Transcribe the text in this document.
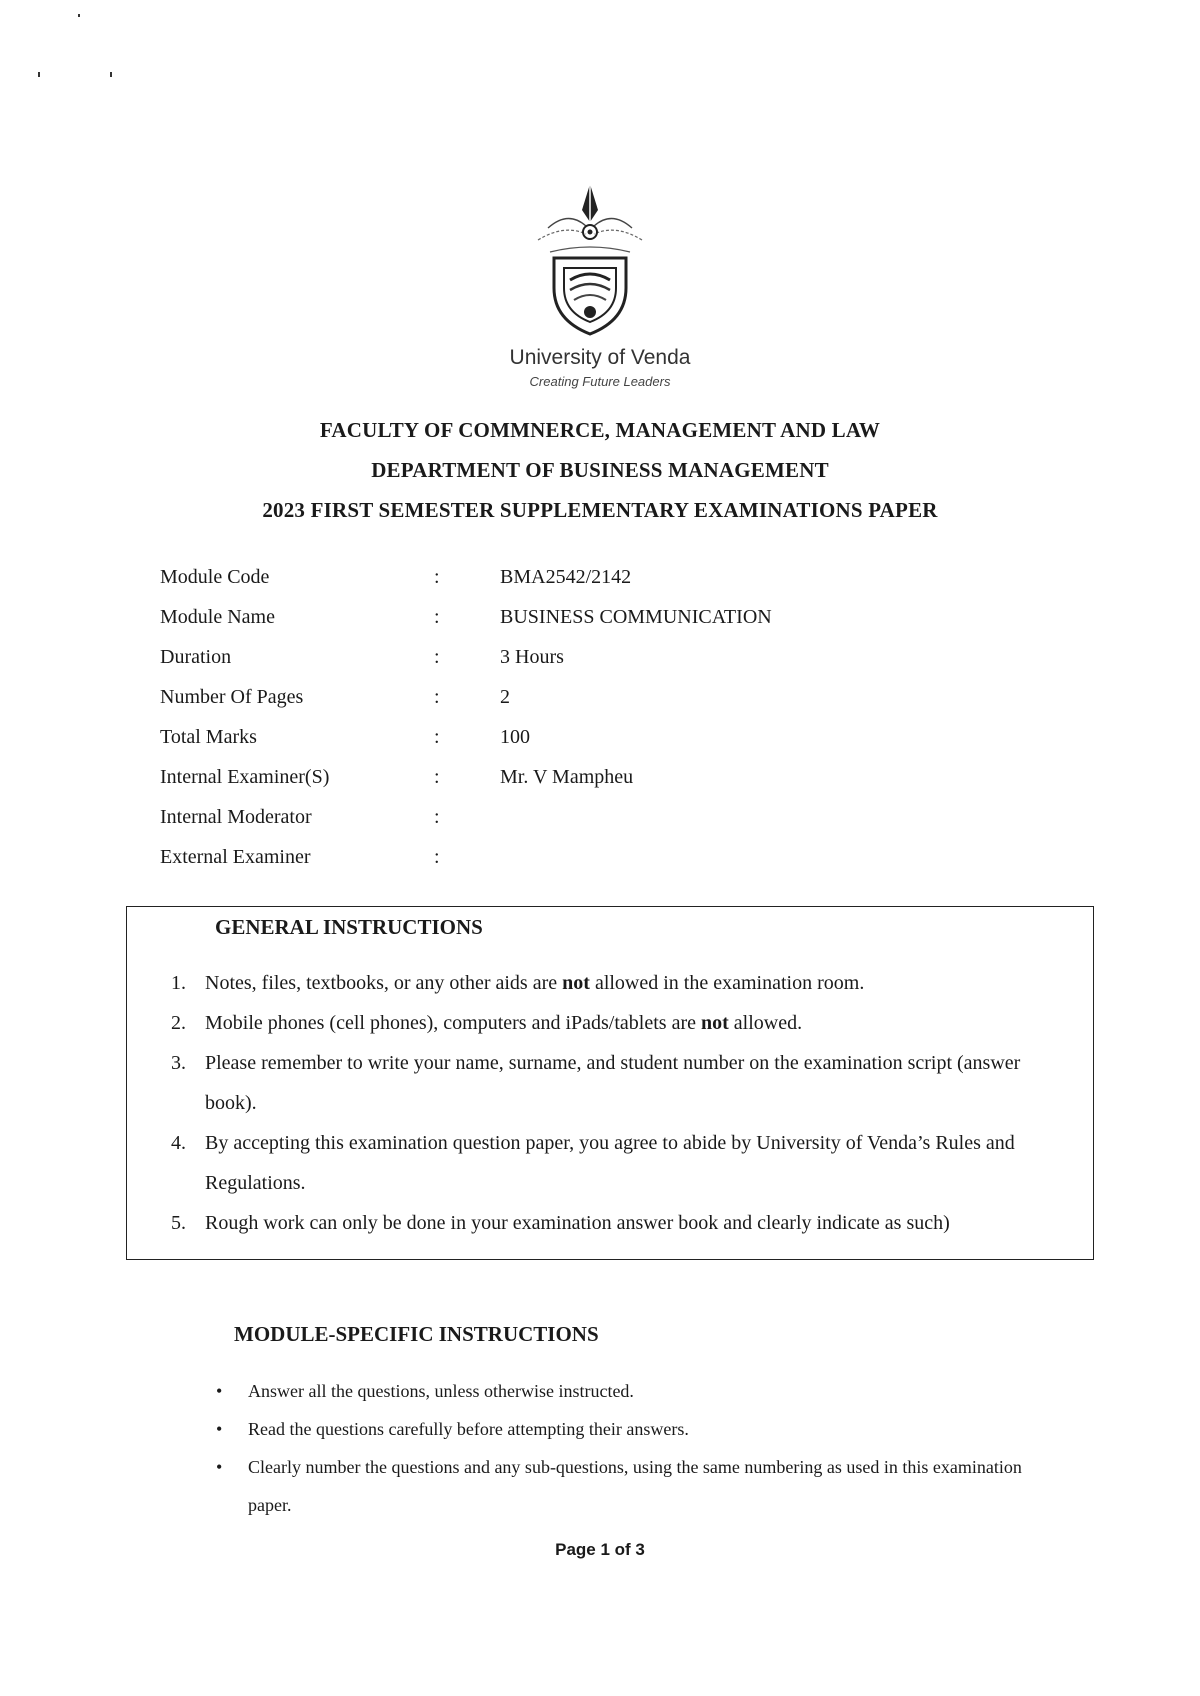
University of Venda
Creating Future Leaders
FACULTY OF COMMNERCE, MANAGEMENT AND LAW
DEPARTMENT OF BUSINESS MANAGEMENT
2023 FIRST SEMESTER SUPPLEMENTARY EXAMINATIONS PAPER
Module Code	:	BMA2542/2142
Module Name	:	BUSINESS COMMUNICATION
Duration	:	3 Hours
Number Of Pages	:	2
Total Marks	:	100
Internal Examiner(S)	:	Mr. V Mampheu
Internal Moderator	:
External Examiner	:
GENERAL INSTRUCTIONS
1. Notes, files, textbooks, or any other aids are not allowed in the examination room.
2. Mobile phones (cell phones), computers and iPads/tablets are not allowed.
3. Please remember to write your name, surname, and student number on the examination script (answer book).
4. By accepting this examination question paper, you agree to abide by University of Venda’s Rules and Regulations.
5. Rough work can only be done in your examination answer book and clearly indicate as such)
MODULE-SPECIFIC INSTRUCTIONS
• Answer all the questions, unless otherwise instructed.
• Read the questions carefully before attempting their answers.
• Clearly number the questions and any sub-questions, using the same numbering as used in this examination paper.
Page 1 of 3
